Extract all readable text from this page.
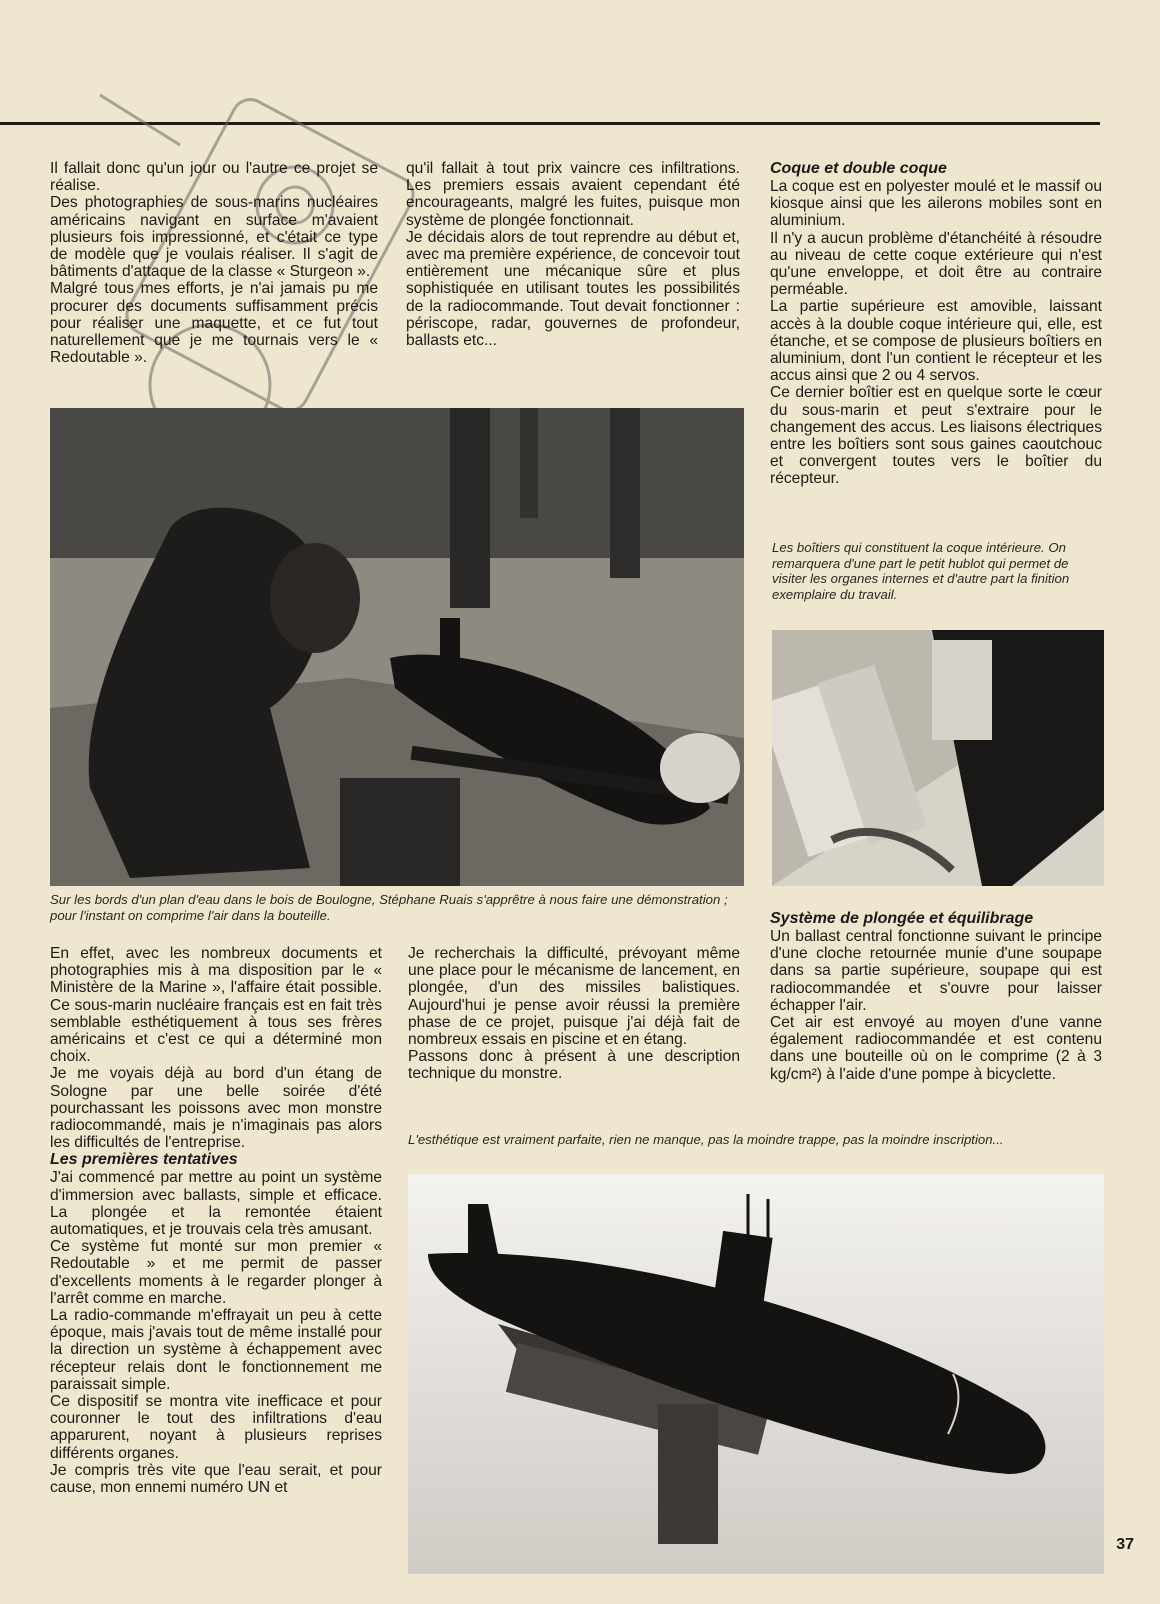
Il fallait donc qu'un jour ou l'autre ce projet se réalise.

Des photographies de sous-marins nucléaires américains navigant en surface m'avaient plusieurs fois impressionné, et c'était ce type de modèle que je voulais réaliser. Il s'agit de bâtiments d'attaque de la classe « Sturgeon ».

Malgré tous mes efforts, je n'ai jamais pu me procurer des documents suffisamment précis pour réaliser une maquette, et ce fut tout naturellement que je me tournais vers le « Redoutable ».

qu'il fallait à tout prix vaincre ces infiltrations. Les premiers essais avaient cependant été encourageants, malgré les fuites, puisque mon système de plongée fonctionnait.

Je décidais alors de tout reprendre au début et, avec ma première expérience, de concevoir tout entièrement une mécanique sûre et plus sophistiquée en utilisant toutes les possibilités de la radiocommande. Tout devait fonctionner : périscope, radar, gouvernes de profondeur, ballasts etc...

Coque et double coque

La coque est en polyester moulé et le massif ou kiosque ainsi que les ailerons mobiles sont en aluminium.

Il n'y a aucun problème d'étanchéité à résoudre au niveau de cette coque extérieure qui n'est qu'une enveloppe, et doit être au contraire perméable.

La partie supérieure est amovible, laissant accès à la double coque intérieure qui, elle, est étanche, et se compose de plusieurs boîtiers en aluminium, dont l'un contient le récepteur et les accus ainsi que 2 ou 4 servos.

Ce dernier boîtier est en quelque sorte le cœur du sous-marin et peut s'extraire pour le changement des accus. Les liaisons électriques entre les boîtiers sont sous gaines caoutchouc et convergent toutes vers le boîtier du récepteur.

Les boîtiers qui constituent la coque intérieure. On remarquera d'une part le petit hublot qui permet de visiter les organes internes et d'autre part la finition exemplaire du travail.
Sur les bords d'un plan d'eau dans le bois de Boulogne, Stéphane Ruais s'apprêtre à nous faire une démonstration ; pour l'instant on comprime l'air dans la bouteille.

En effet, avec les nombreux documents et photographies mis à ma disposition par le « Ministère de la Marine », l'affaire était possible. Ce sous-marin nucléaire français est en fait très semblable esthétiquement à tous ses frères américains et c'est ce qui a déterminé mon choix.

Je me voyais déjà au bord d'un étang de Sologne par une belle soirée d'été pourchassant les poissons avec mon monstre radiocommandé, mais je n'imaginais pas alors les difficultés de l'entreprise.

Les premières tentatives

J'ai commencé par mettre au point un système d'immersion avec ballasts, simple et efficace. La plongée et la remontée étaient automatiques, et je trouvais cela très amusant.

Ce système fut monté sur mon premier « Redoutable » et me permit de passer d'excellents moments à le regarder plonger à l'arrêt comme en marche.

La radio-commande m'effrayait un peu à cette époque, mais j'avais tout de même installé pour la direction un système à échappement avec récepteur relais dont le fonctionnement me paraissait simple.

Ce dispositif se montra vite inefficace et pour couronner le tout des infiltrations d'eau apparurent, noyant à plusieurs reprises différents organes.

Je compris très vite que l'eau serait, et pour cause, mon ennemi numéro UN et

Je recherchais la difficulté, prévoyant même une place pour le mécanisme de lancement, en plongée, d'un des missiles balistiques. Aujourd'hui je pense avoir réussi la première phase de ce projet, puisque j'ai déjà fait de nombreux essais en piscine et en étang.

Passons donc à présent à une description technique du monstre.

Système de plongée et équilibrage

Un ballast central fonctionne suivant le principe d'une cloche retournée munie d'une soupape dans sa partie supérieure, soupape qui est radiocommandée et s'ouvre pour laisser échapper l'air.

Cet air est envoyé au moyen d'une vanne également radiocommandée et est contenu dans une bouteille où on le comprime (2 à 3 kg/cm²) à l'aide d'une pompe à bicyclette.

L'esthétique est vraiment parfaite, rien ne manque, pas la moindre trappe, pas la moindre inscription...
37
